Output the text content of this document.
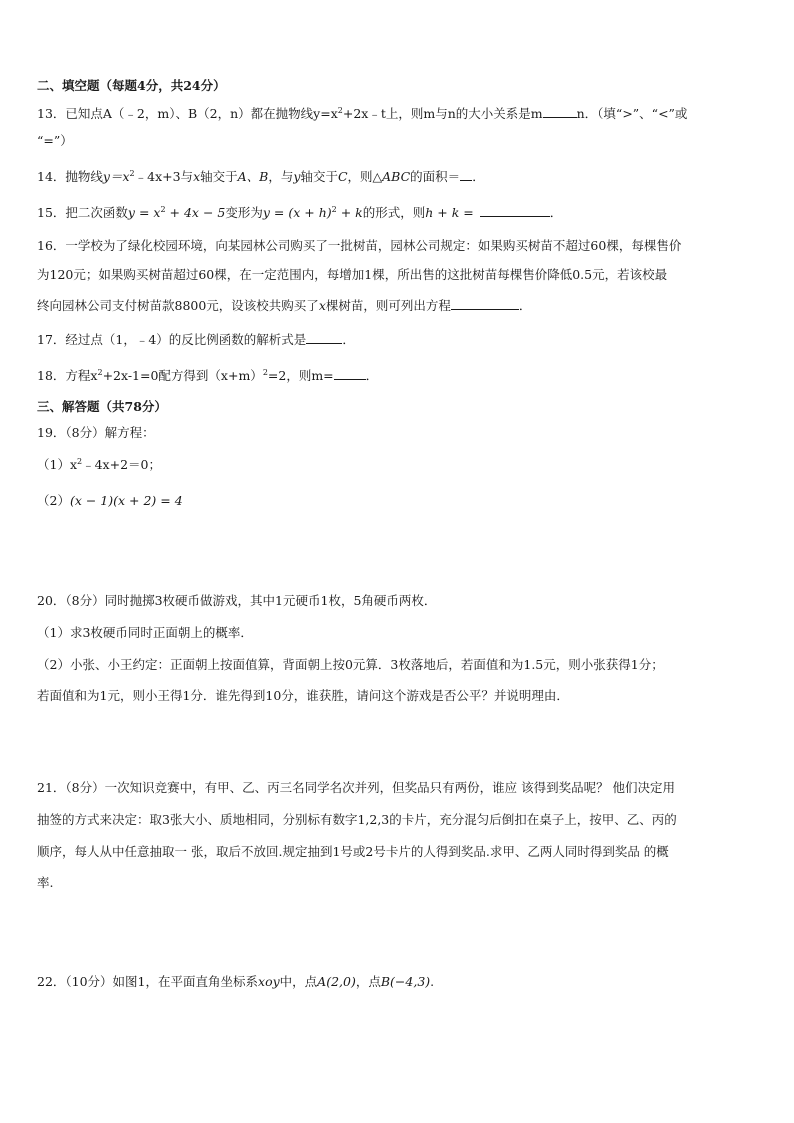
二、填空题（每题4分，共24分）
13．已知点A（﹣2，m）、B（2，n）都在抛物线$y=x^2+2x﹣t$上，则m与n的大小关系是m	n．（填“>”、“<”或
“=”）
14．抛物线$y=x^2﹣4x+3$与x轴交于A、B，与y轴交于C，则△ABC的面积＝ ．
15．把二次函数$y = x^2 + 4x - 5$变形为$y = (x + h)^2 + k$的形式，则h + k =	．
16．一学校为了绿化校园环境，向某园林公司购买了一批树苗，园林公司规定：如果购买树苗不超过60棵，每棵售价
为120元；如果购买树苗超过60棵，在一定范围内，每增加1棵，所出售的这批树苗每棵售价降低0.5元，若该校最
终向园林公司支付树苗款8800元，设该校共购买了x棵树苗，则可列出方程	．
17．经过点（1，﹣4）的反比例函数的解析式是	．
18．方程$x^2+2x-1=0$配方得到$(x+m)^2=2$，则m=	．
三、解答题（共78分）
19．（8分）解方程：
$(1)x^2﹣4x+2=0$；
（2）(x − 1)(x + 2) = 4
20．（8分）同时抛掷3枚硬币做游戏，其中1元硬币1枚，5角硬币两枚．
（1）求3枚硬币同时正面朝上的概率．
（2）小张、小王约定：正面朝上按面值算，背面朝上按0元算．3枚落地后，若面值和为1.5元，则小张获得1分；
若面值和为1元，则小王得1分．谁先得到10分，谁获胜，请问这个游戏是否公平？并说明理由．
21．（8分）一次知识竞赛中，有甲、乙、丙三名同学名次并列，但奖品只有两份，谁应 该得到奖品呢？ 他们决定用
抽签的方式来决定：取3张大小、质地相同，分别标有数字1,2,3的卡片，充分混匀后倒扣在桌子上，按甲、乙、丙的
顺序，每人从中任意抽取一 张，取后不放回.规定抽到1号或2号卡片的人得到奖品.求甲、乙两人同时得到奖品 的概
率.
22．（10分）如图1，在平面直角坐标系xoy中，点A(2,0)，点B(−4,3).
